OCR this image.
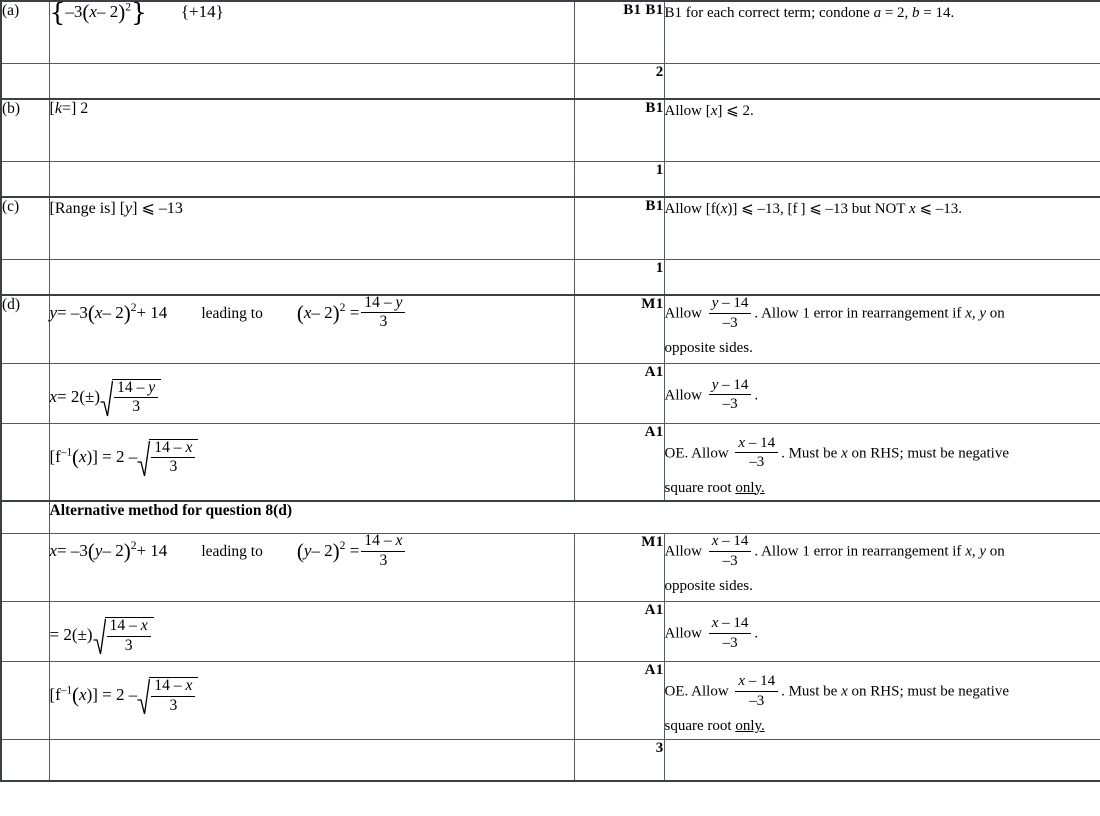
(a)	{–3(x– 2)$^2$} {+14}	B1 B1	B1 for each correct term; condone a = 2, b = 14.
		2	
(b)	[k=] 2	B1	Allow [x] ⩽ 2.
		1	
(c)	[Range is] [y] ⩽ –13	B1	Allow [f(x)] ⩽ –13, [f ] ⩽ –13 but NOT x ⩽ –13.
		1	
(d)	y= –3(x– 2)$^2$+ 14 leading to (x– $2)^2 = \frac{14 - y}{3}$	M1	Allow $\frac{y - 14}{-3}$ . Allow 1 error in rearrangement if x, y on
opposite sides.

	$x= 2(\pm) \frac{14 - y}{3}$	A1	Allow $\frac{y - 14}{-3}$ .
	$[f^{-1}(x)] = 2 - \frac{14 - x}{3}$	A1	OE. Allow $\frac{x - 14}{-3}$ . Must be x on RHS; must be negative
square root only.

	Alternative method for question 8(d)		
	x= –3(y– 2)$^2$+ 14 leading to (y– $2)^2 = \frac{14 - x}{3}$	M1	Allow $\frac{x - 14}{-3}$ . Allow 1 error in rearrangement if x, y on
opposite sides.

	= $2(\pm) \frac{14 - x}{3}$	A1	Allow $\frac{x - 14}{-3}$ .
	$[f^{-1}(x)] = 2 - \frac{14 - x}{3}$	A1	OE. Allow $\frac{x - 14}{-3}$ . Must be x on RHS; must be negative
square root only.

		3	
